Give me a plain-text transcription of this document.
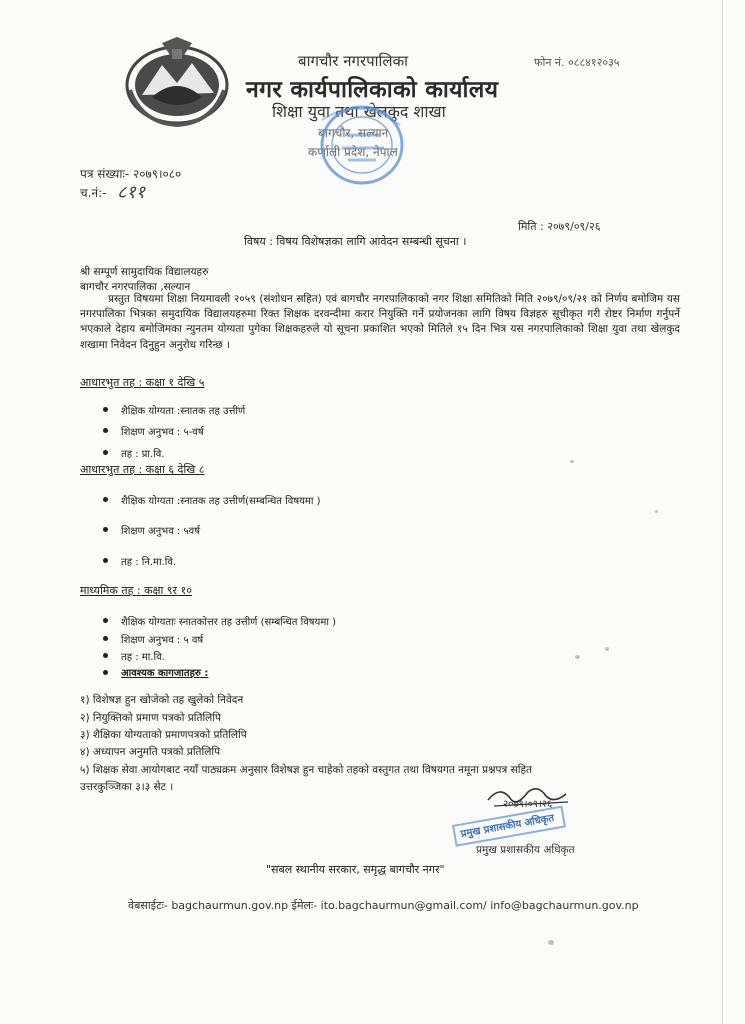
बागचौर नगरपालिका
नगर कार्यपालिकाको कार्यालय
शिक्षा युवा तथा खेलकुद शाखा
बागचौर, सल्यान
कर्णाली प्रदेश, नेपाल
फोन नं. ०८८४१२०३५
पत्र संख्याः- २०७९।०८०
च.नं:- ८११
मिति : २०७९/०९/२६
विषय : विषय विशेषज्ञका लागि आवेदन सम्बन्धी सूचना ।
श्री सम्पूर्ण सामुदायिक विद्यालयहरु
बागचौर नगरपालिका ,सल्यान
प्रस्तुत विषयमा शिक्षा नियमावली २०५९ (संशोधन सहित) एवं बागचौर नगरपालिकाको नगर शिक्षा समितिको मिति २०७९/०९/२१ को निर्णय बमोजिम यस नगरपालिका भित्रका समुदायिक विद्यालयहरुमा रिक्त शिक्षक दरवन्दीमा करार नियुक्ति गर्ने प्रयोजनका लागि विषय विज्ञहरु सूचीकृत गरी रोष्टर निर्माण गर्नुपर्ने भएकाले देहाय बमोजिमका न्युनतम योग्यता पुगेका शिक्षकहरुले यो सूचना प्रकाशित भएको मितिले १५ दिन भित्र यस नगरपालिकाको शिक्षा युवा तथा खेलकुद शखामा निवेदन दिनुहुन अनुरोध गरिन्छ ।
आधारभुत तह : कक्षा १ देखि ५
शैक्षिक योग्यता :स्नातक तह उत्तीर्ण
शिक्षण अनुभव : ५-वर्ष
तह : प्रा.वि.
आधारभुत तह : कक्षा ६ देखि ८
शैक्षिक योग्यता :स्नातक तह उत्तीर्ण(सम्बन्धित विषयमा )
शिक्षण अनुभव : ५वर्ष
तह : नि.मा.वि.
माध्यमिक तह : कक्षा ९र १०
शैक्षिक योग्यताः स्नातकोत्तर तह उत्तीर्ण (सम्बन्धित विषयमा )
शिक्षण अनुभव : ५ वर्ष
तह : मा.वि.
आवश्यक कागजातहरु :
१) विशेषज्ञ हुन खोजेको तह खुलेको निवेदन
२) नियुक्तिको प्रमाण पत्रको प्रतिलिपि
३) शैक्षिका योग्यताको प्रमाणपत्रको प्रतिलिपि
४) अध्यापन अनुमति पत्रको प्रतिलिपि
५) शिक्षक सेवा आयोगबाट नयाँ पाठ्यक्रम अनुसार विशेषज्ञ हुन चाहेको तहको वस्तुगत तथा विषयगत नमूना प्रश्नपत्र सहित
उत्तरकुञ्जिका ३।३ सेट ।
२०७९।०९।२६
प्रमुख प्रशासकीय अधिकृत
प्रमुख प्रशासकीय अधिकृत
"सबल स्थानीय सरकार, समृद्ध बागचौर नगर"
वेबसाईटः- bagchaurmun.gov.np ईमेलः- ito.bagchaurmun@gmail.com/ info@bagchaurmun.gov.np
